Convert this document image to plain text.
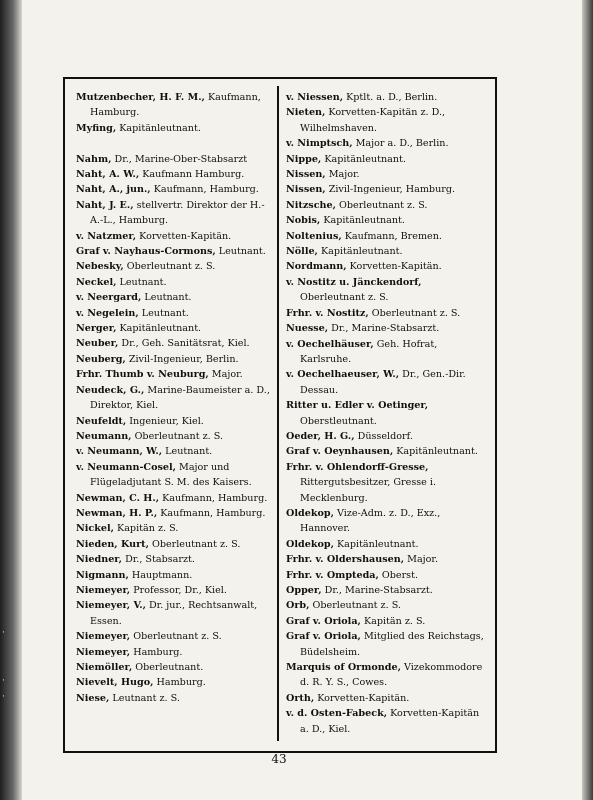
·
·
·

Mutzenbecher, H. F. M., Kaufmann, Hamburg.

Myfing, Kapitänleutnant.

Nahm, Dr., Marine-Ober-Stabsarzt

Naht, A. W., Kaufmann Hamburg.

Naht, A., jun., Kaufmann, Hamburg.

Naht, J. E., stellvertr. Direktor der H.-A.-L., Hamburg.

v. Natzmer, Korvetten-Kapitän.

Graf v. Nayhaus-Cormons, Leutnant.

Nebesky, Oberleutnant z. S.

Neckel, Leutnant.

v. Neergard, Leutnant.

v. Negelein, Leutnant.

Nerger, Kapitänleutnant.

Neuber, Dr., Geh. Sanitätsrat, Kiel.

Neuberg, Zivil-Ingenieur, Berlin.

Frhr. Thumb v. Neuburg, Major.

Neudeck, G., Marine-Baumeister a. D., Direktor, Kiel.

Neufeldt, Ingenieur, Kiel.

Neumann, Oberleutnant z. S.

v. Neumann, W., Leutnant.

v. Neumann-Cosel, Major und Flügeladjutant S. M. des Kaisers.

Newman, C. H., Kaufmann, Hamburg.

Newman, H. P., Kaufmann, Hamburg.

Nickel, Kapitän z. S.

Nieden, Kurt, Oberleutnant z. S.

Niedner, Dr., Stabsarzt.

Nigmann, Hauptmann.

Niemeyer, Professor, Dr., Kiel.

Niemeyer, V., Dr. jur., Rechtsanwalt, Essen.

Niemeyer, Oberleutnant z. S.

Niemeyer, Hamburg.

Niemöller, Oberleutnant.

Nievelt, Hugo, Hamburg.

Niese, Leutnant z. S.

v. Niessen, Kptlt. a. D., Berlin.

Nieten, Korvetten-Kapitän z. D., Wilhelmshaven.

v. Nimptsch, Major a. D., Berlin.

Nippe, Kapitänleutnant.

Nissen, Major.

Nissen, Zivil-Ingenieur, Hamburg.

Nitzsche, Oberleutnant z. S.

Nobis, Kapitänleutnant.

Noltenius, Kaufmann, Bremen.

Nölle, Kapitänleutnant.

Nordmann, Korvetten-Kapitän.

v. Nostitz u. Jänckendorf, Oberleutnant z. S.

Frhr. v. Nostitz, Oberleutnant z. S.

Nuesse, Dr., Marine-Stabsarzt.

v. Oechelhäuser, Geh. Hofrat, Karlsruhe.

v. Oechelhaeuser, W., Dr., Gen.-Dir. Dessau.

Ritter u. Edler v. Oetinger, Oberstleutnant.

Oeder, H. G., Düsseldorf.

Graf v. Oeynhausen, Kapitänleutnant.

Frhr. v. Ohlendorff-Gresse, Rittergutsbesitzer, Gresse i. Mecklenburg.

Oldekop, Vize-Adm. z. D., Exz., Hannover.

Oldekop, Kapitänleutnant.

Frhr. v. Oldershausen, Major.

Frhr. v. Ompteda, Oberst.

Opper, Dr., Marine-Stabsarzt.

Orb, Oberleutnant z. S.

Graf v. Oriola, Kapitän z. S.

Graf v. Oriola, Mitglied des Reichstags, Büdelsheim.

Marquis of Ormonde, Vizekommodore d. R. Y. S., Cowes.

Orth, Korvetten-Kapitän.

v. d. Osten-Fabeck, Korvetten-Kapitän a. D., Kiel.

43
